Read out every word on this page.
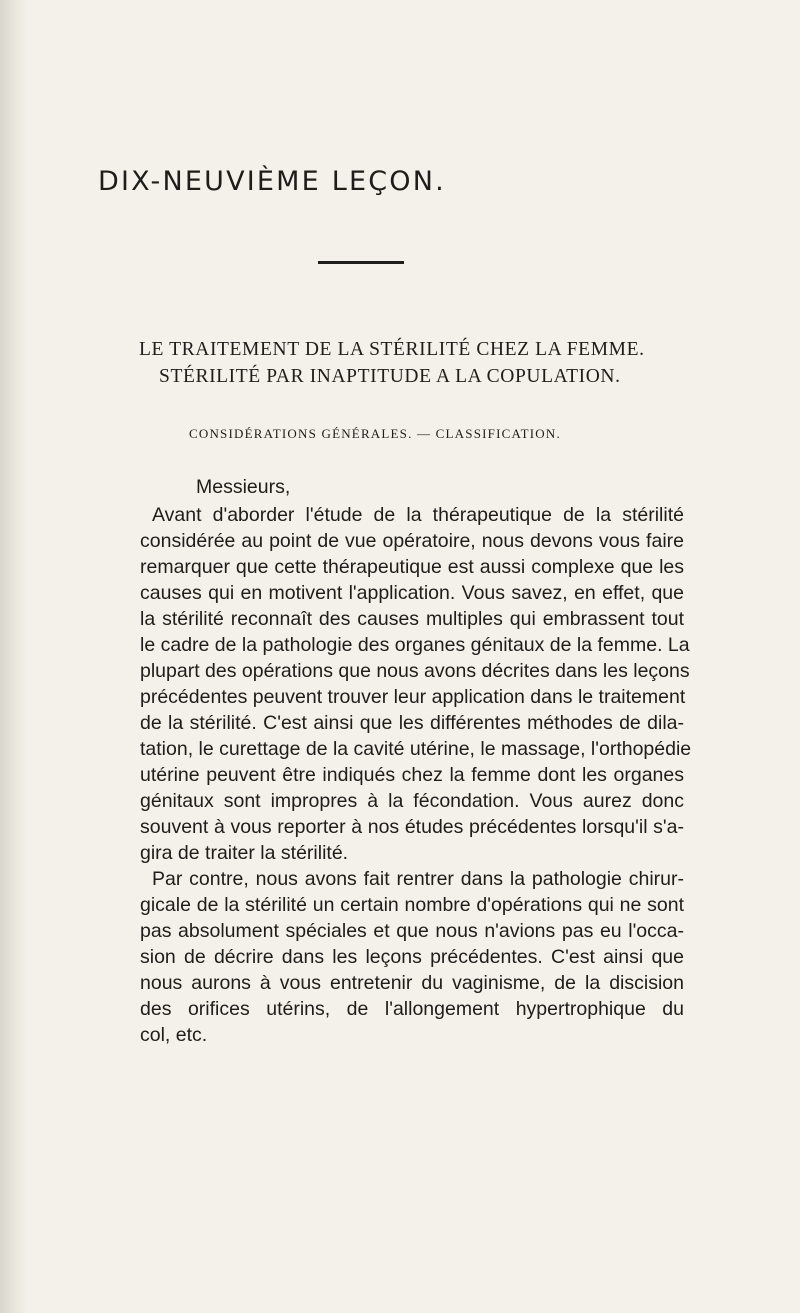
DIX-NEUVIÈME LEÇON.
LE TRAITEMENT DE LA STÉRILITÉ CHEZ LA FEMME.
STÉRILITÉ PAR INAPTITUDE A LA COPULATION.
CONSIDÉRATIONS GÉNÉRALES. — CLASSIFICATION.
Messieurs,
Avant d'aborder l'étude de la thérapeutique de la stérilité
considérée au point de vue opératoire, nous devons vous faire
remarquer que cette thérapeutique est aussi complexe que les
causes qui en motivent l'application. Vous savez, en effet, que
la stérilité reconnaît des causes multiples qui embrassent tout
le cadre de la pathologie des organes génitaux de la femme. La
plupart des opérations que nous avons décrites dans les leçons
précédentes peuvent trouver leur application dans le traitement
de la stérilité. C'est ainsi que les différentes méthodes de dila-
tation, le curettage de la cavité utérine, le massage, l'orthopédie
utérine peuvent être indiqués chez la femme dont les organes
génitaux sont impropres à la fécondation. Vous aurez donc
souvent à vous reporter à nos études précédentes lorsqu'il s'a-
gira de traiter la stérilité.
Par contre, nous avons fait rentrer dans la pathologie chirur-
gicale de la stérilité un certain nombre d'opérations qui ne sont
pas absolument spéciales et que nous n'avions pas eu l'occa-
sion de décrire dans les leçons précédentes. C'est ainsi que
nous aurons à vous entretenir du vaginisme, de la discision
des orifices utérins, de l'allongement hypertrophique du
col, etc.
